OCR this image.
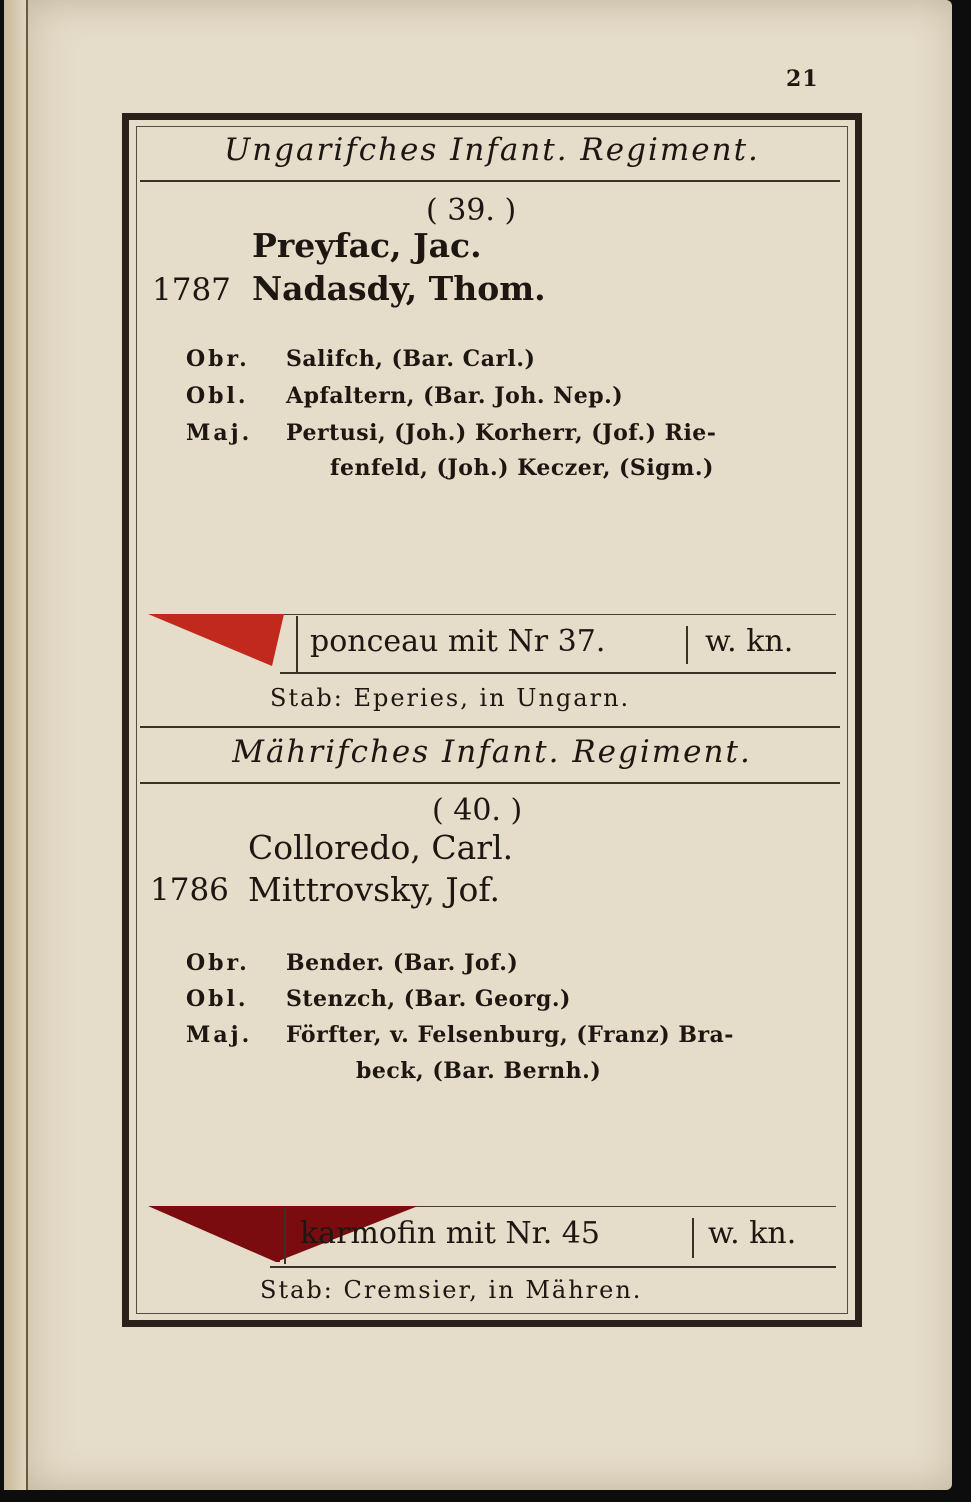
21
Ungarifches Infant. Regiment.
( 39. )
Preyfac, Jac.
1787 Nadasdy, Thom.
Obr. Salifch, (Bar. Carl.)
Obl. Apfaltern, (Bar. Joh. Nep.)
Maj. Pertusi, (Joh.) Korherr, (Jof.) Rie-
fenfeld, (Joh.) Keczer, (Sigm.)
ponceau mit Nr 37.	w. kn.
Stab: Eperies, in Ungarn.
Mährifches Infant. Regiment.
( 40. )
Colloredo, Carl.
1786 Mittrovsky, Jof.
Obr. Bender. (Bar. Jof.)
Obl. Stenzch, (Bar. Georg.)
Maj. Förfter, v. Felsenburg, (Franz) Bra-
beck, (Bar. Bernh.)
karmofin mit Nr. 45	w. kn.
Stab: Cremsier, in Mähren.
